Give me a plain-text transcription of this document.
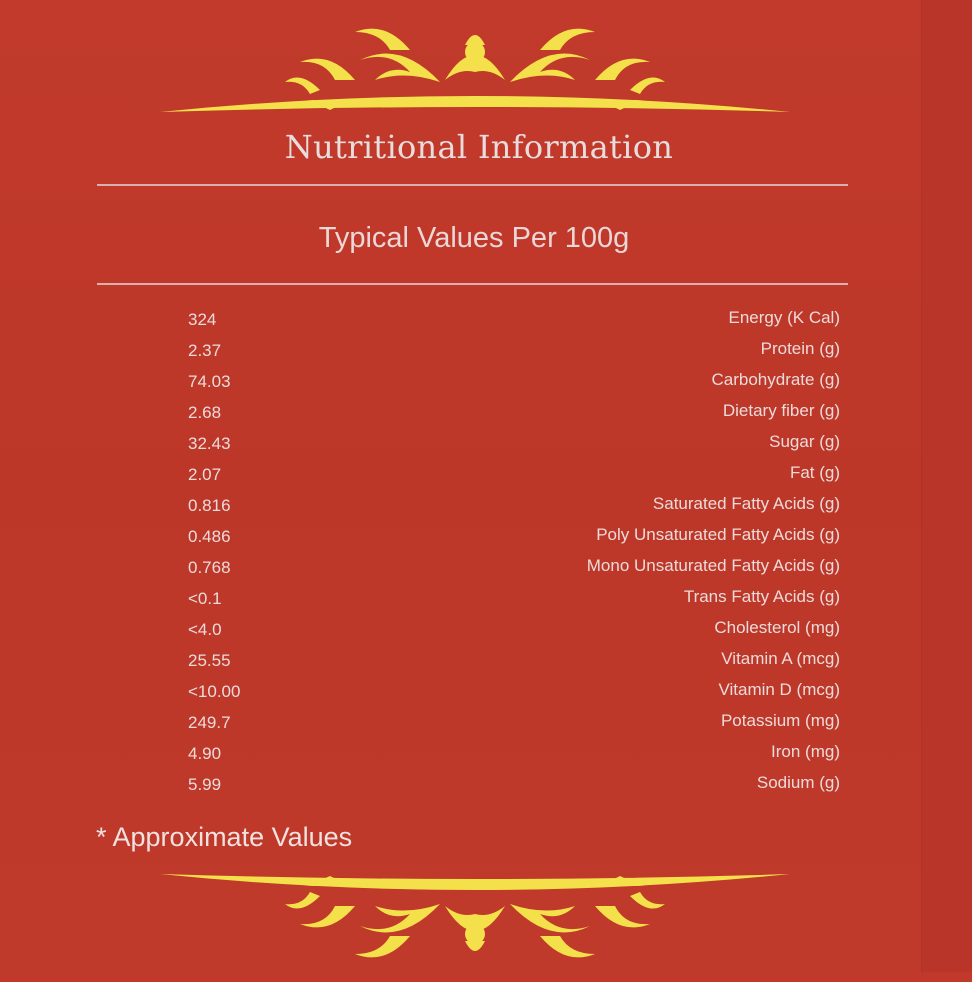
Nutritional Information
Typical Values Per 100g
324	Energy (K Cal)
2.37	Protein (g)
74.03	Carbohydrate (g)
2.68	Dietary fiber (g)
32.43	Sugar (g)
2.07	Fat (g)
0.816	Saturated Fatty Acids (g)
0.486	Poly Unsaturated Fatty Acids (g)
0.768	Mono Unsaturated Fatty Acids (g)
<0.1	Trans Fatty Acids (g)
<4.0	Cholesterol (mg)
25.55	Vitamin A (mcg)
<10.00	Vitamin D (mcg)
249.7	Potassium (mg)
4.90	Iron (mg)
5.99	Sodium (g)
* Approximate Values
